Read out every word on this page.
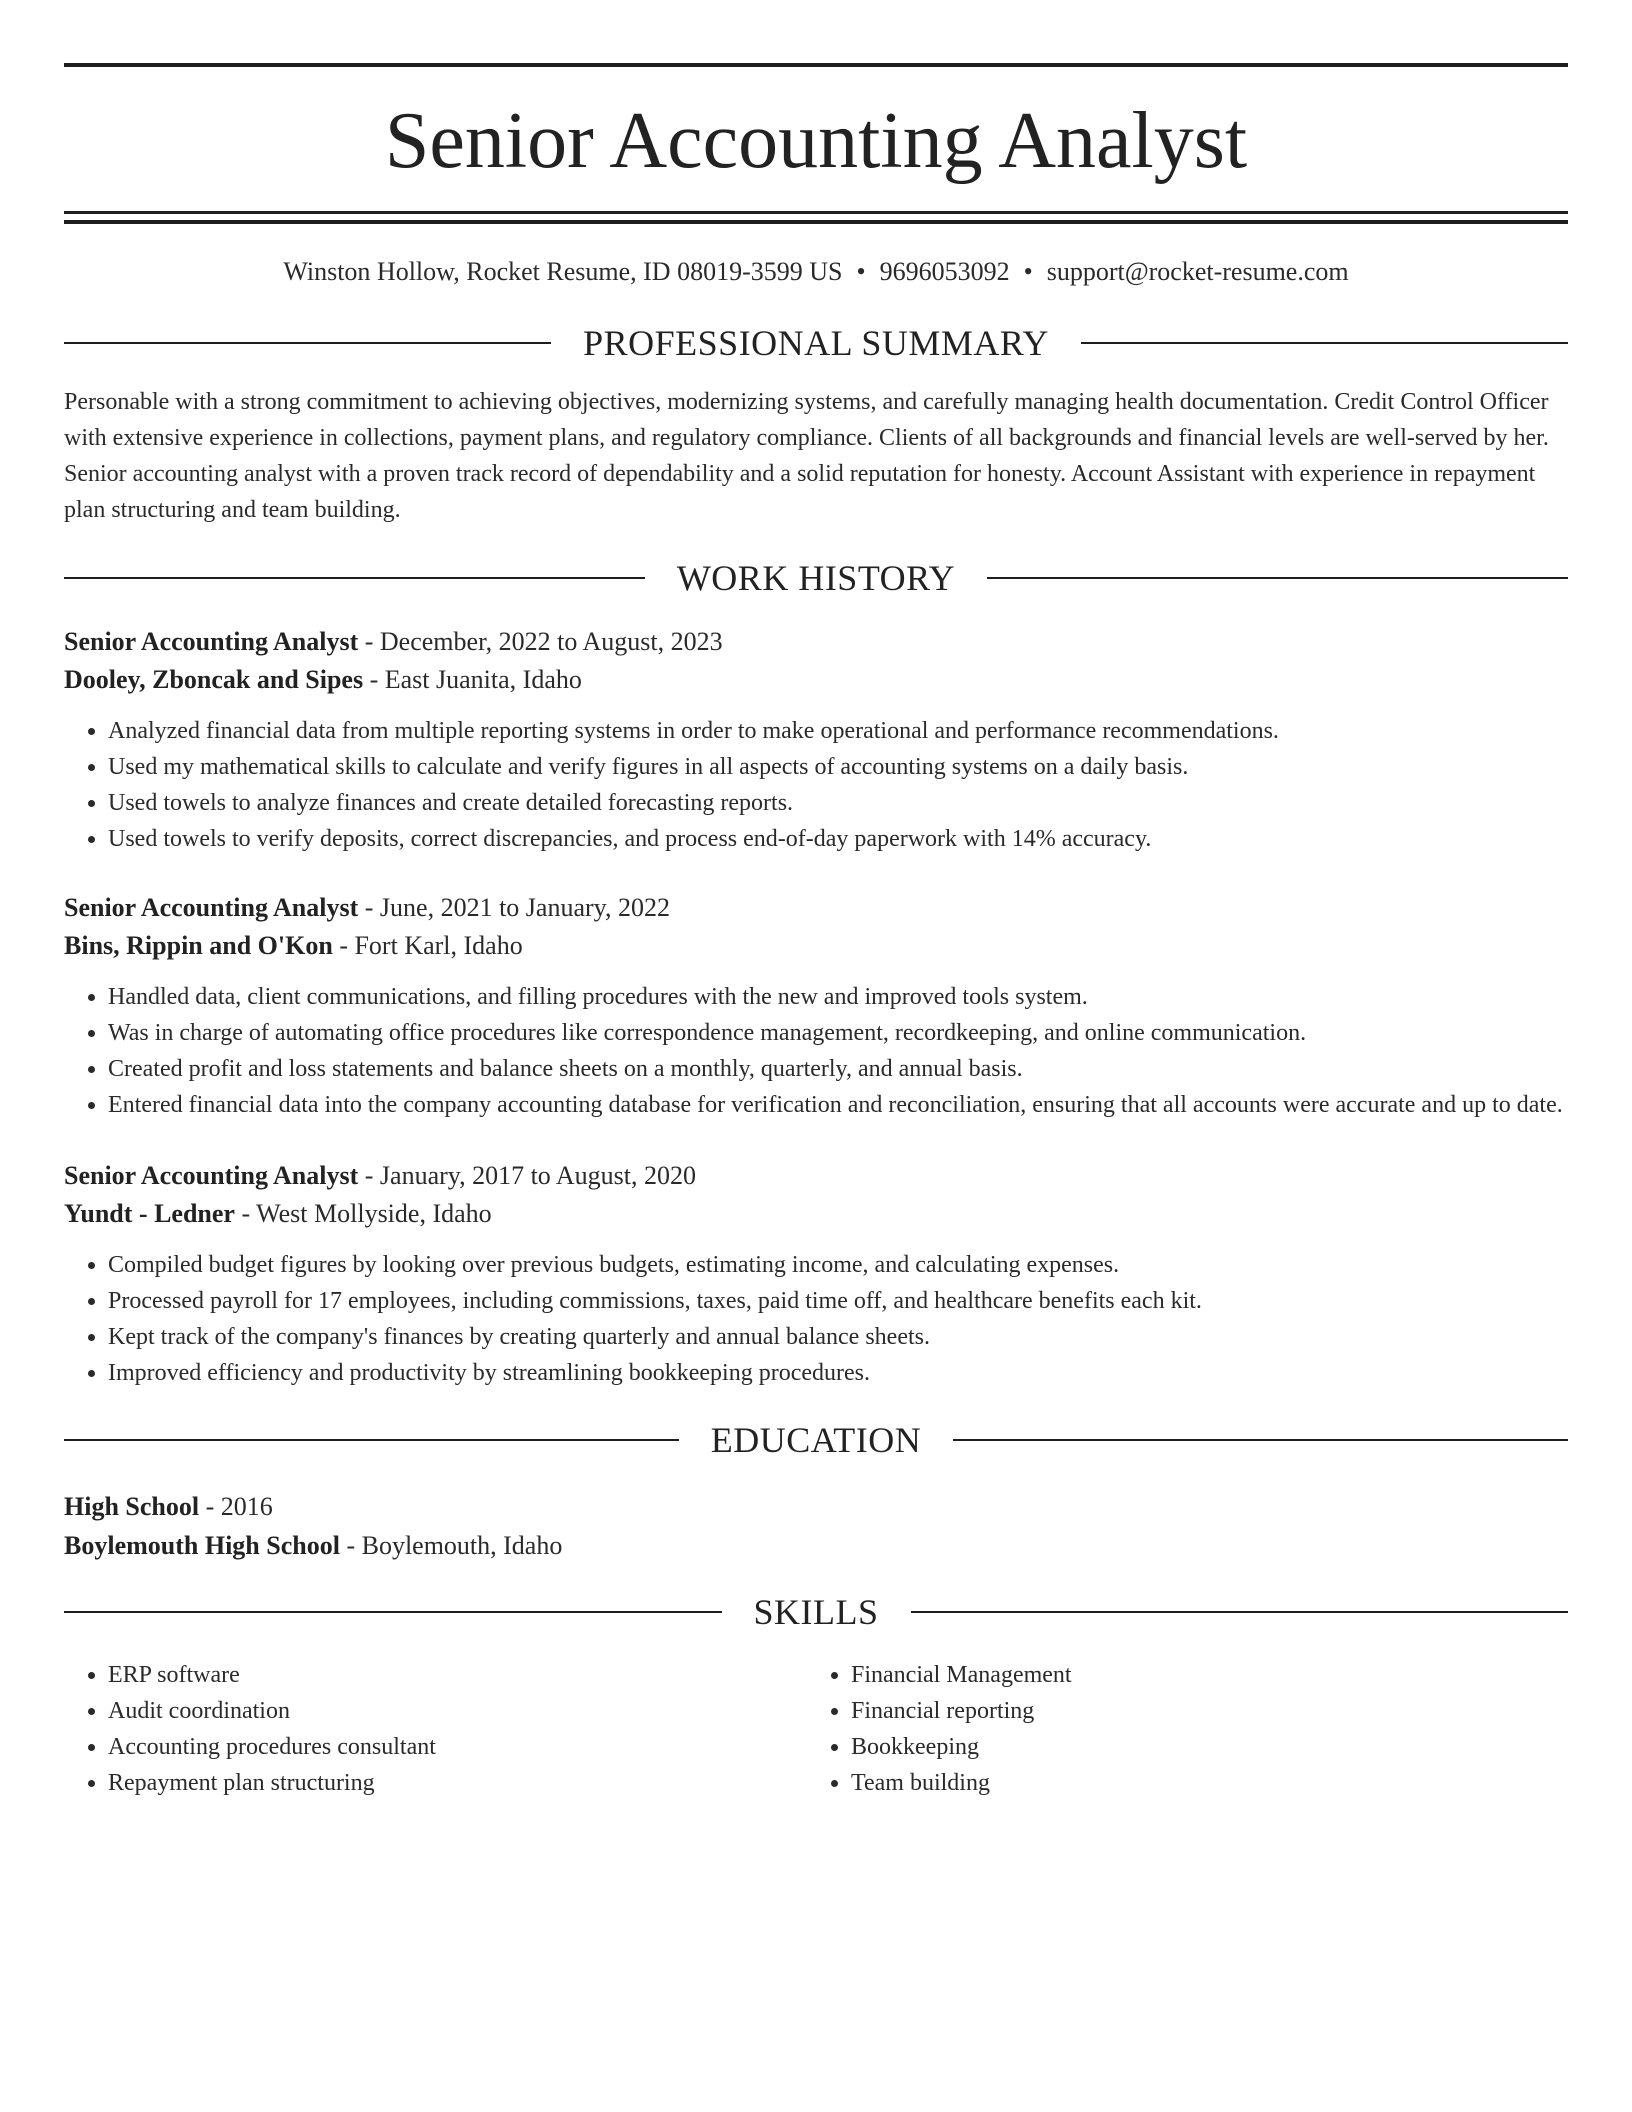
Senior Accounting Analyst
Winston Hollow, Rocket Resume, ID 08019-3599 US • 9696053092 • support@rocket-resume.com
PROFESSIONAL SUMMARY
Personable with a strong commitment to achieving objectives, modernizing systems, and carefully managing health documentation. Credit Control Officer with extensive experience in collections, payment plans, and regulatory compliance. Clients of all backgrounds and financial levels are well-served by her. Senior accounting analyst with a proven track record of dependability and a solid reputation for honesty. Account Assistant with experience in repayment plan structuring and team building.
WORK HISTORY
Senior Accounting Analyst - December, 2022 to August, 2023
Dooley, Zboncak and Sipes - East Juanita, Idaho
• Analyzed financial data from multiple reporting systems in order to make operational and performance recommendations.
• Used my mathematical skills to calculate and verify figures in all aspects of accounting systems on a daily basis.
• Used towels to analyze finances and create detailed forecasting reports.
• Used towels to verify deposits, correct discrepancies, and process end-of-day paperwork with 14% accuracy.
Senior Accounting Analyst - June, 2021 to January, 2022
Bins, Rippin and O'Kon - Fort Karl, Idaho
• Handled data, client communications, and filling procedures with the new and improved tools system.
• Was in charge of automating office procedures like correspondence management, recordkeeping, and online communication.
• Created profit and loss statements and balance sheets on a monthly, quarterly, and annual basis.
• Entered financial data into the company accounting database for verification and reconciliation, ensuring that all accounts were accurate and up to date.
Senior Accounting Analyst - January, 2017 to August, 2020
Yundt - Ledner - West Mollyside, Idaho
• Compiled budget figures by looking over previous budgets, estimating income, and calculating expenses.
• Processed payroll for 17 employees, including commissions, taxes, paid time off, and healthcare benefits each kit.
• Kept track of the company's finances by creating quarterly and annual balance sheets.
• Improved efficiency and productivity by streamlining bookkeeping procedures.
EDUCATION
High School - 2016
Boylemouth High School - Boylemouth, Idaho
SKILLS
• ERP software
• Audit coordination
• Accounting procedures consultant
• Repayment plan structuring
• Financial Management
• Financial reporting
• Bookkeeping
• Team building
